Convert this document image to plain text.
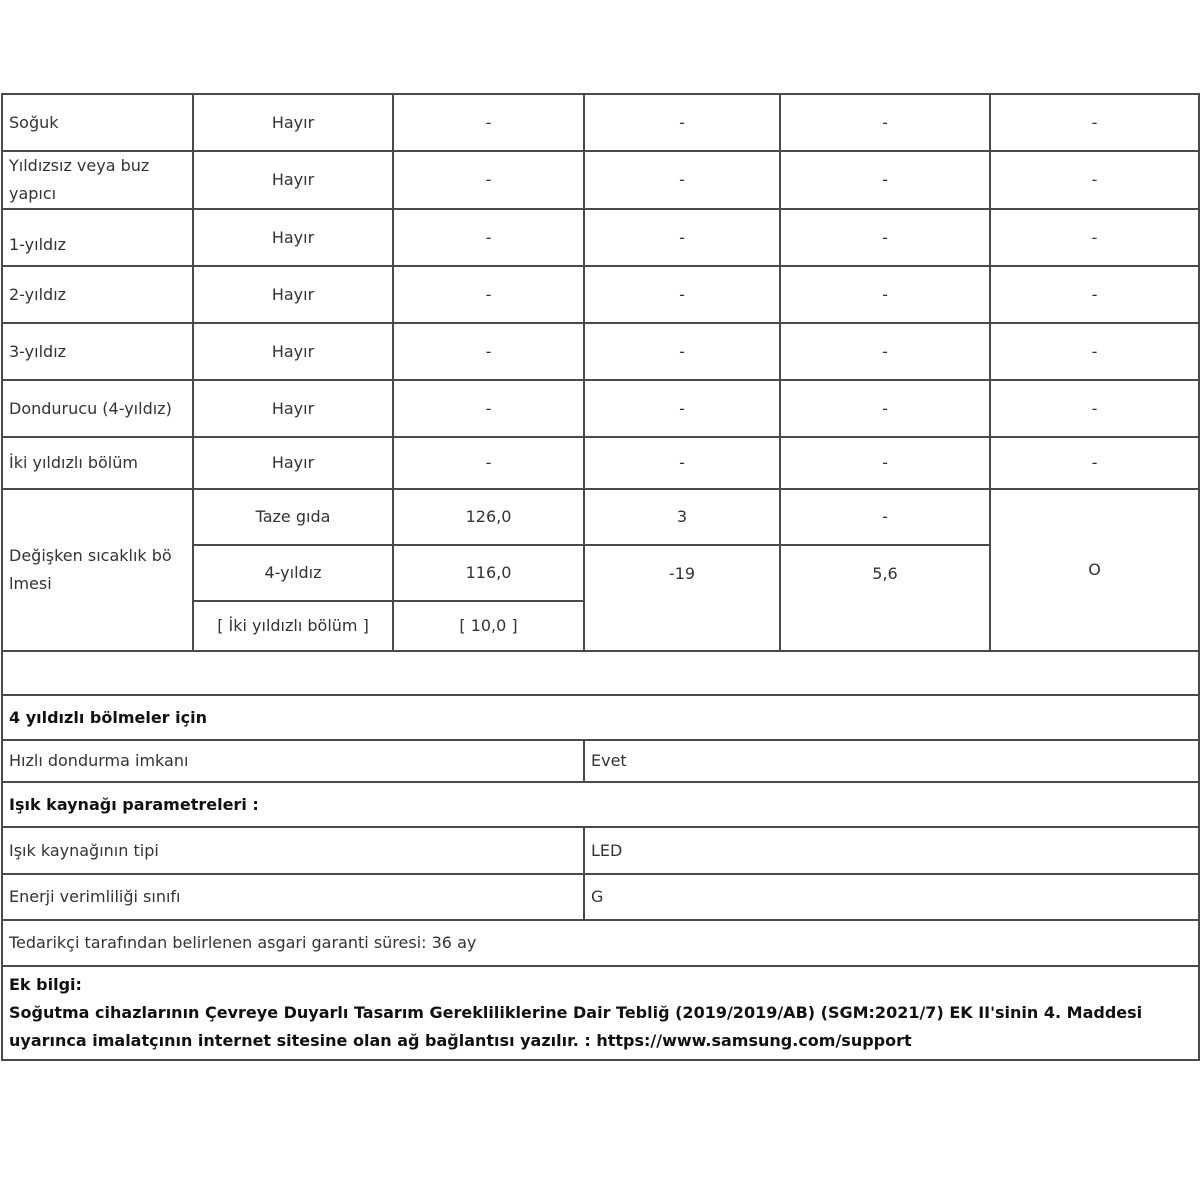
Soğuk	Hayır	-	-	-	-
Yıldızsız veya buz yapıcı	Hayır	-	-	-	-
1-yıldız	Hayır	-	-	-	-
2-yıldız	Hayır	-	-	-	-
3-yıldız	Hayır	-	-	-	-
Dondurucu (4-yıldız)	Hayır	-	-	-	-
İki yıldızlı bölüm	Hayır	-	-	-	-
Değişken sıcaklık bö lmesi	Taze gıda	126,0	3	-	O
	4-yıldız	116,0	-19	5,6	
	[ İki yıldızlı bölüm ]	[ 10,0 ]			

4 yıldızlı bölmeler için					
Hızlı dondurma imkanı			Evet		
Işık kaynağı parametreleri :					
Işık kaynağının tipi			LED		
Enerji verimliliği sınıfı			G		
Tedarikçi tarafından belirlenen asgari garanti süresi: 36 ay					

Ek bilgi:
Soğutma cihazlarının Çevreye Duyarlı Tasarım Gerekliliklerine Dair Tebliğ (2019/2019/AB) (SGM:2021/7) EK II'sinin 4. Maddesi uyarınca imalatçının internet sitesine olan ağ bağlantısı yazılır. : https://www.samsung.com/support					
